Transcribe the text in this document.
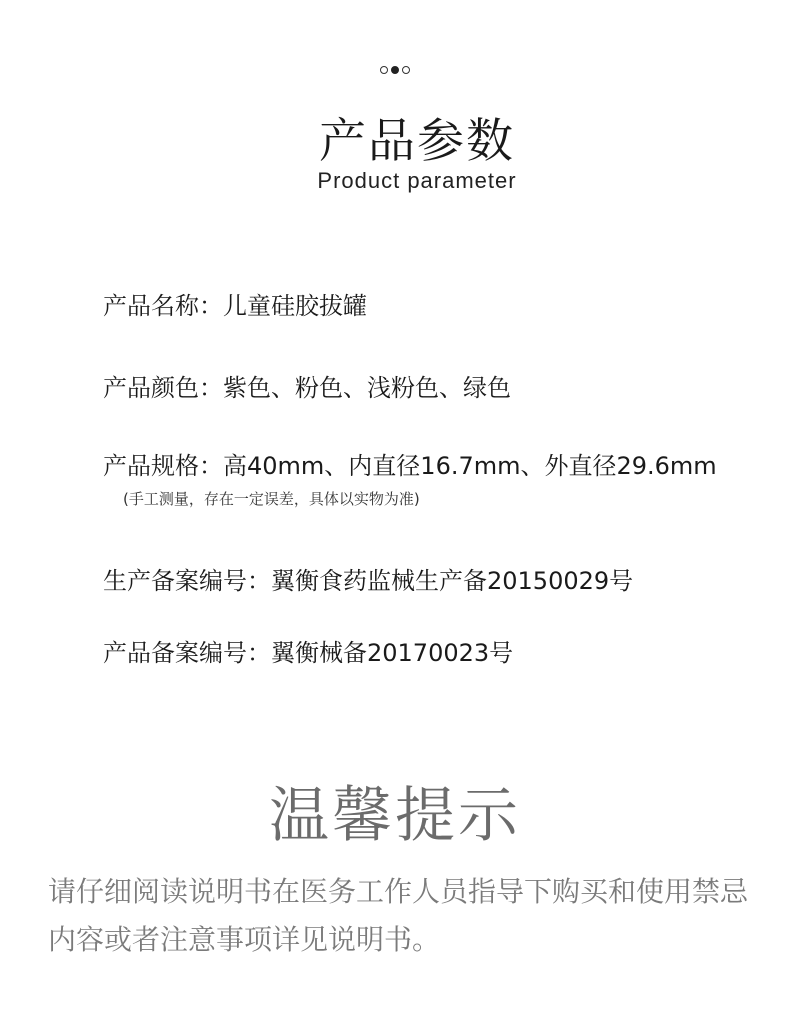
产品参数
Product parameter
产品名称：儿童硅胶拔罐
产品颜色：紫色、粉色、浅粉色、绿色
产品规格：高40mm、内直径16.7mm、外直径29.6mm
生产备案编号：翼衡食药监械生产备20150029号
产品备案编号：翼衡械备20170023号
(手工测量，存在一定误差，具体以实物为准)
温馨提示

请仔细阅读说明书在医务工作人员指导下购买和使用禁忌内容或者注意事项详见说明书。
